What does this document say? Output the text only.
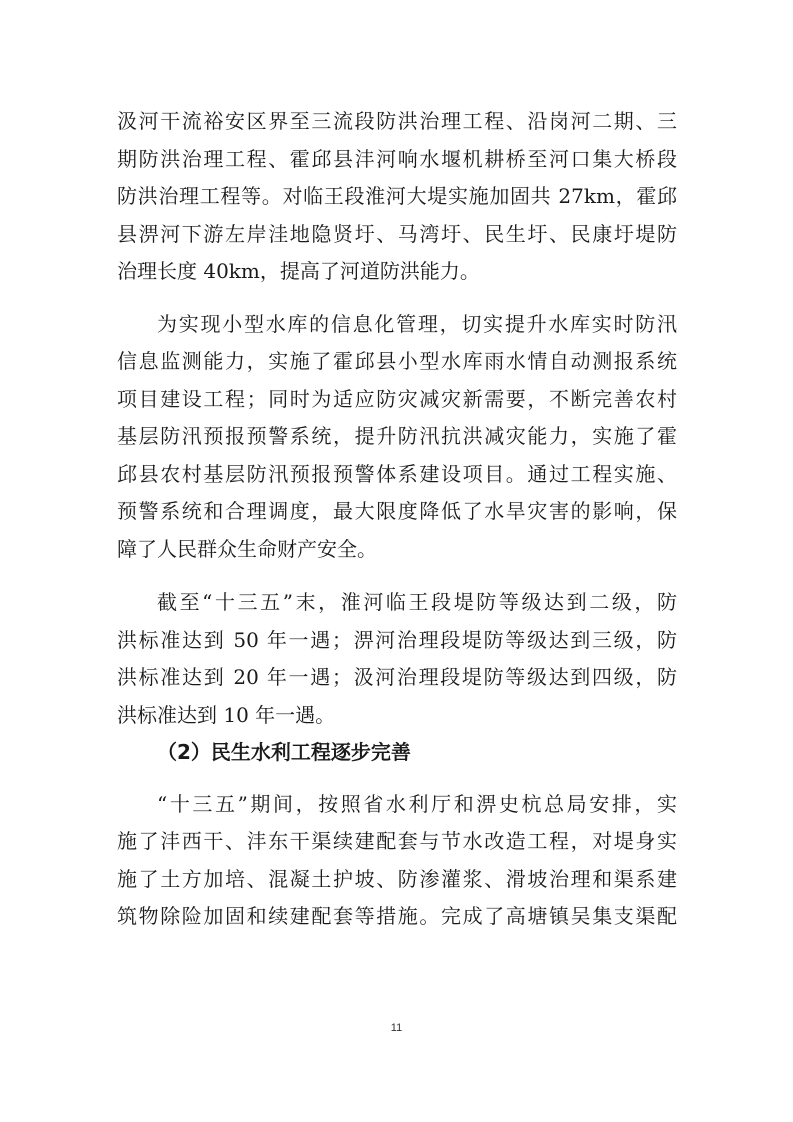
汲河干流裕安区界至三流段防洪治理工程、沿岗河二期、三
期防洪治理工程、霍邱县沣河响水堰机耕桥至河口集大桥段
防洪治理工程等。对临王段淮河大堤实施加固共 27km，霍邱
县淠河下游左岸洼地隐贤圩、马湾圩、民生圩、民康圩堤防
治理长度 40km，提高了河道防洪能力。
为实现小型水库的信息化管理，切实提升水库实时防汛
信息监测能力，实施了霍邱县小型水库雨水情自动测报系统
项目建设工程；同时为适应防灾减灾新需要，不断完善农村
基层防汛预报预警系统，提升防汛抗洪减灾能力，实施了霍
邱县农村基层防汛预报预警体系建设项目。通过工程实施、
预警系统和合理调度，最大限度降低了水旱灾害的影响，保
障了人民群众生命财产安全。
截至“十三五”末，淮河临王段堤防等级达到二级，防
洪标准达到 50 年一遇；淠河治理段堤防等级达到三级，防
洪标准达到 20 年一遇；汲河治理段堤防等级达到四级，防
洪标准达到 10 年一遇。
（2）民生水利工程逐步完善
“十三五”期间，按照省水利厅和淠史杭总局安排，实
施了沣西干、沣东干渠续建配套与节水改造工程，对堤身实
施了土方加培、混凝土护坡、防渗灌浆、滑坡治理和渠系建
筑物除险加固和续建配套等措施。完成了高塘镇吴集支渠配
11
